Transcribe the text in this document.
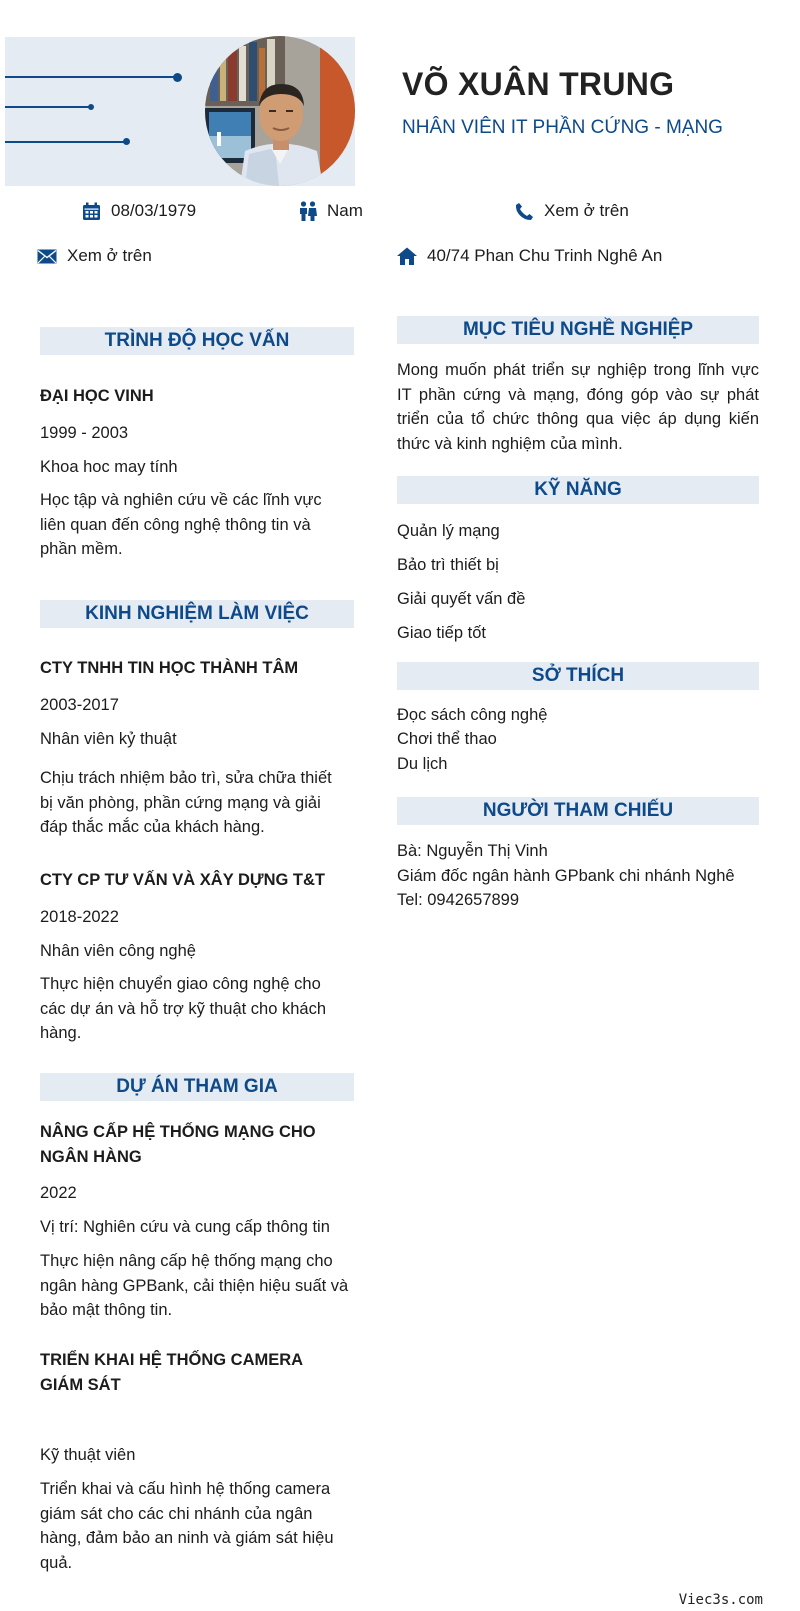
VÕ XUÂN TRUNG
NHÂN VIÊN IT PHẦN CỨNG - MẠNG
08/03/1979	Nam	Xem ở trên
Xem ở trên	40/74 Phan Chu Trinh Nghê An
TRÌNH ĐỘ HỌC VẤN
ĐẠI HỌC VINH
1999 - 2003
Khoa hoc may tính
Học tập và nghiên cứu về các lĩnh vực liên quan đến công nghệ thông tin và phần mềm.
KINH NGHIỆM LÀM VIỆC
CTY TNHH TIN HỌC THÀNH TÂM
2003-2017
Nhân viên kỷ thuật
Chịu trách nhiệm bảo trì, sửa chữa thiết bị văn phòng, phần cứng mạng và giải đáp thắc mắc của khách hàng.
CTY CP TƯ VẤN VÀ XÂY DỰNG T&T
2018-2022
Nhân viên công nghệ
Thực hiện chuyển giao công nghệ cho các dự án và hỗ trợ kỹ thuật cho khách hàng.
DỰ ÁN THAM GIA
NÂNG CẤP HỆ THỐNG MẠNG CHO NGÂN HÀNG
2022
Vị trí: Nghiên cứu và cung cấp thông tin
Thực hiện nâng cấp hệ thống mạng cho ngân hàng GPBank, cải thiện hiệu suất và bảo mật thông tin.
TRIỂN KHAI HỆ THỐNG CAMERA GIÁM SÁT
Kỹ thuật viên
Triển khai và cấu hình hệ thống camera giám sát cho các chi nhánh của ngân hàng, đảm bảo an ninh và giám sát hiệu quả.
MỤC TIÊU NGHỀ NGHIỆP
Mong muốn phát triển sự nghiệp trong lĩnh vực IT phần cứng và mạng, đóng góp vào sự phát triển của tổ chức thông qua việc áp dụng kiến thức và kinh nghiệm của mình.
KỸ NĂNG
Quản lý mạng
Bảo trì thiết bị
Giải quyết vấn đề
Giao tiếp tốt
SỞ THÍCH
Đọc sách công nghệ
Chơi thể thao
Du lịch
NGƯỜI THAM CHIẾU
Bà: Nguyễn Thị Vinh
Giám đốc ngân hành GPbank chi nhánh Nghê
Tel: 0942657899
Viec3s.com
